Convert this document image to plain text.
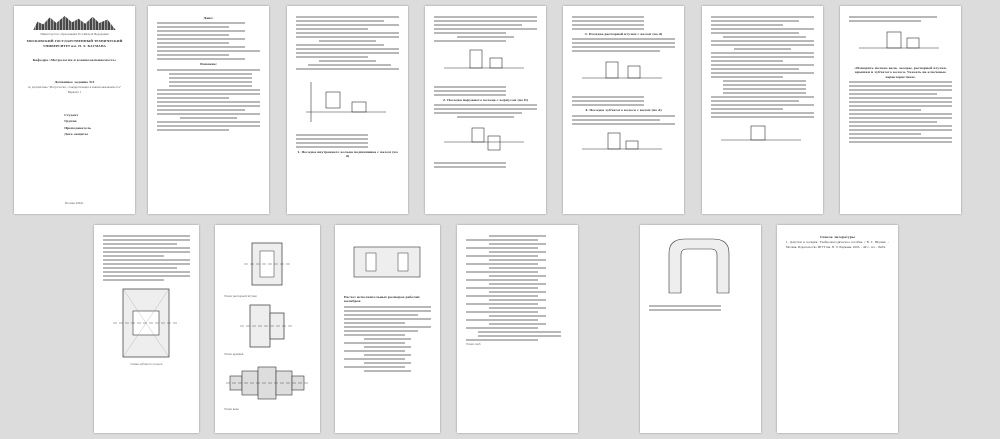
Министерство образования Российской Федерации
МОСКОВСКИЙ ГОСУДАРСТВЕННЫЙ ТЕХНИЧЕСКИЙ УНИВЕРСИТЕТ им. Н. Э. БАУМАНА
Кафедра «Метрология и взаимозаменяемость»
Домашнее задание №1
по дисциплине "Метрология, стандартизация и взаимозаменяемость"
Вариант 1
Студент
Группа
Преподаватель
Дата защиты
Москва 2004г.
Дано:
Решение:
1. Посадка внутреннего кольца подшипника с валом (по d)
2. Посадка наружного кольца с корпусом (по D)
3. Посадка распорной втулки с валом (по d)
4. Посадка зубчатого колеса с валом (по d)
«Измерить мелкие вала, зазоры, распорной втулки, крышки и зубчатого колеса. Указать на ключевые характеристики»
Схема зубчатого колеса
Эскиз распорной втулки
Эскиз крышки
Эскиз вала
Расчет исполнительных размеров рабочих калибров
Эскиз скоб
Список литературы
1. Допуски и посадки. Учебно-методическое пособие. / В. Г. Якушев. – Москва: Издательство МГТУ им. Н. Э. Баумана, 2003. – 49 с.: ил. – Библ.
